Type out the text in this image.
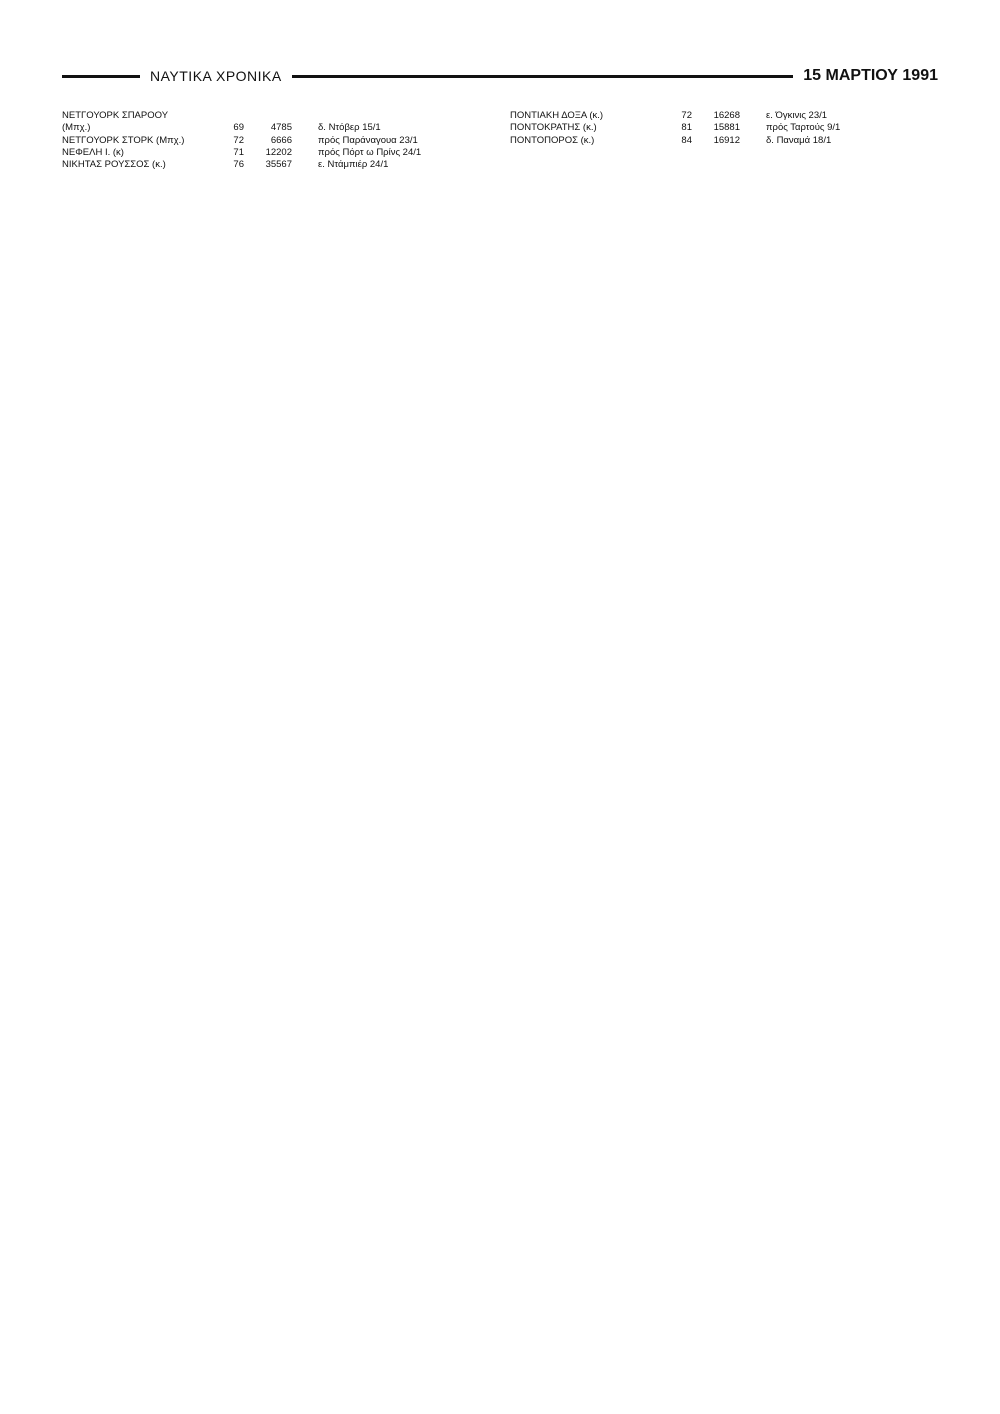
ΝΑΥΤΙΚΑ ΧΡΟΝΙΚΑ	15 ΜΑΡΤΙΟΥ 1991
ΝΕΤΓΟΥΟΡΚ ΣΠΑΡΟΟΥ
(Μπχ.)	69	4785	δ. Ντόβερ 15/1
ΝΕΤΓΟΥΟΡΚ ΣΤΟΡΚ (Μπχ.)	72	6666	πρός Παράναγουα 23/1
ΝΕΦΕΛΗ Ι. (κ)	71	12202	πρός Πόρτ ω Πρίνς 24/1
ΝΙΚΗΤΑΣ ΡΟΥΣΣΟΣ (κ.)	76	35567	ε. Ντάμπιέρ 24/1
ΠΟΝΤΙΑΚΗ ΔΟΞΑ (κ.)	72	16268	ε. Όγκινις 23/1
ΠΟΝΤΟΚΡΑΤΗΣ (κ.)	81	15881	πρός Ταρτούς 9/1
ΠΟΝΤΟΠΟΡΟΣ (κ.)	84	16912	δ. Παναμά 18/1
